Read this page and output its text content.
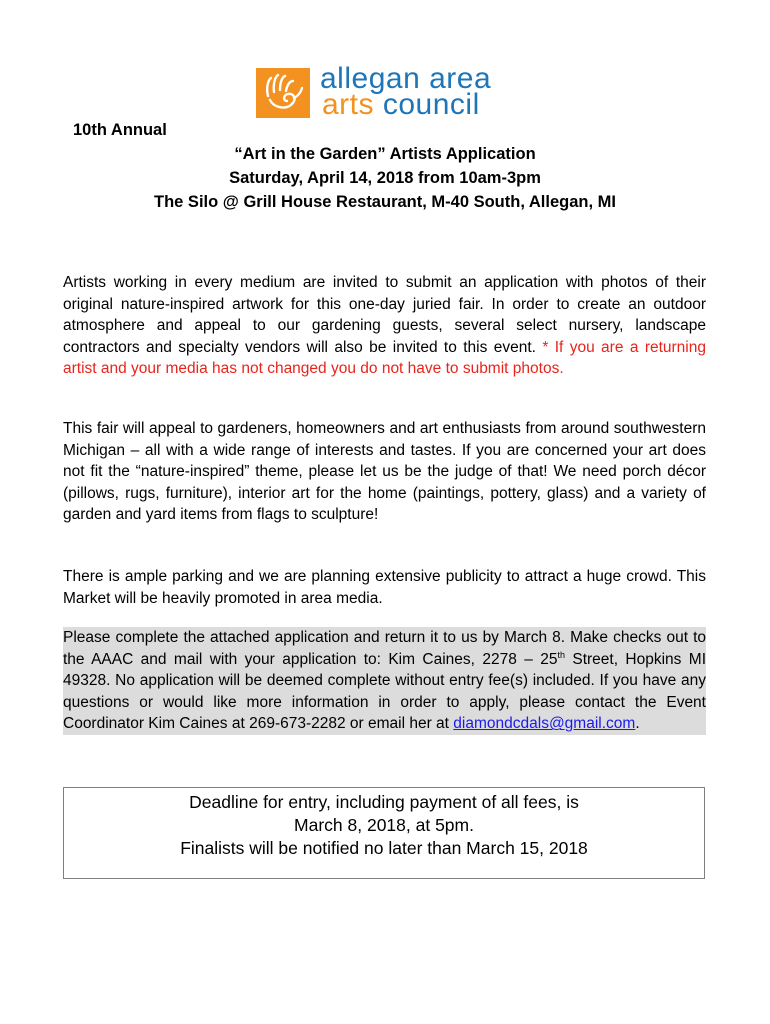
allegan area
arts council
10th Annual
“Art in the Garden” Artists Application
Saturday, April 14, 2018 from 10am-3pm
The Silo @ Grill House Restaurant, M-40 South, Allegan, MI
Artists working in every medium are invited to submit an application with photos of their original nature-inspired artwork for this one-day juried fair. In order to create an outdoor atmosphere and appeal to our gardening guests, several select nursery, landscape contractors and specialty vendors will also be invited to this event. * If you are a returning artist and your media has not changed you do not have to submit photos.
This fair will appeal to gardeners, homeowners and art enthusiasts from around southwestern Michigan – all with a wide range of interests and tastes. If you are concerned your art does not fit the “nature-inspired” theme, please let us be the judge of that! We need porch décor (pillows, rugs, furniture), interior art for the home (paintings, pottery, glass) and a variety of garden and yard items from flags to sculpture!
There is ample parking and we are planning extensive publicity to attract a huge crowd. This Market will be heavily promoted in area media.
Please complete the attached application and return it to us by March 8. Make checks out to the AAAC and mail with your application to: Kim Caines, 2278 – 25th Street, Hopkins MI 49328. No application will be deemed complete without entry fee(s) included. If you have any questions or would like more information in order to apply, please contact the Event Coordinator Kim Caines at 269-673-2282 or email her at diamondcdals@gmail.com.
Deadline for entry, including payment of all fees, is
March 8, 2018, at 5pm.
Finalists will be notified no later than March 15, 2018
